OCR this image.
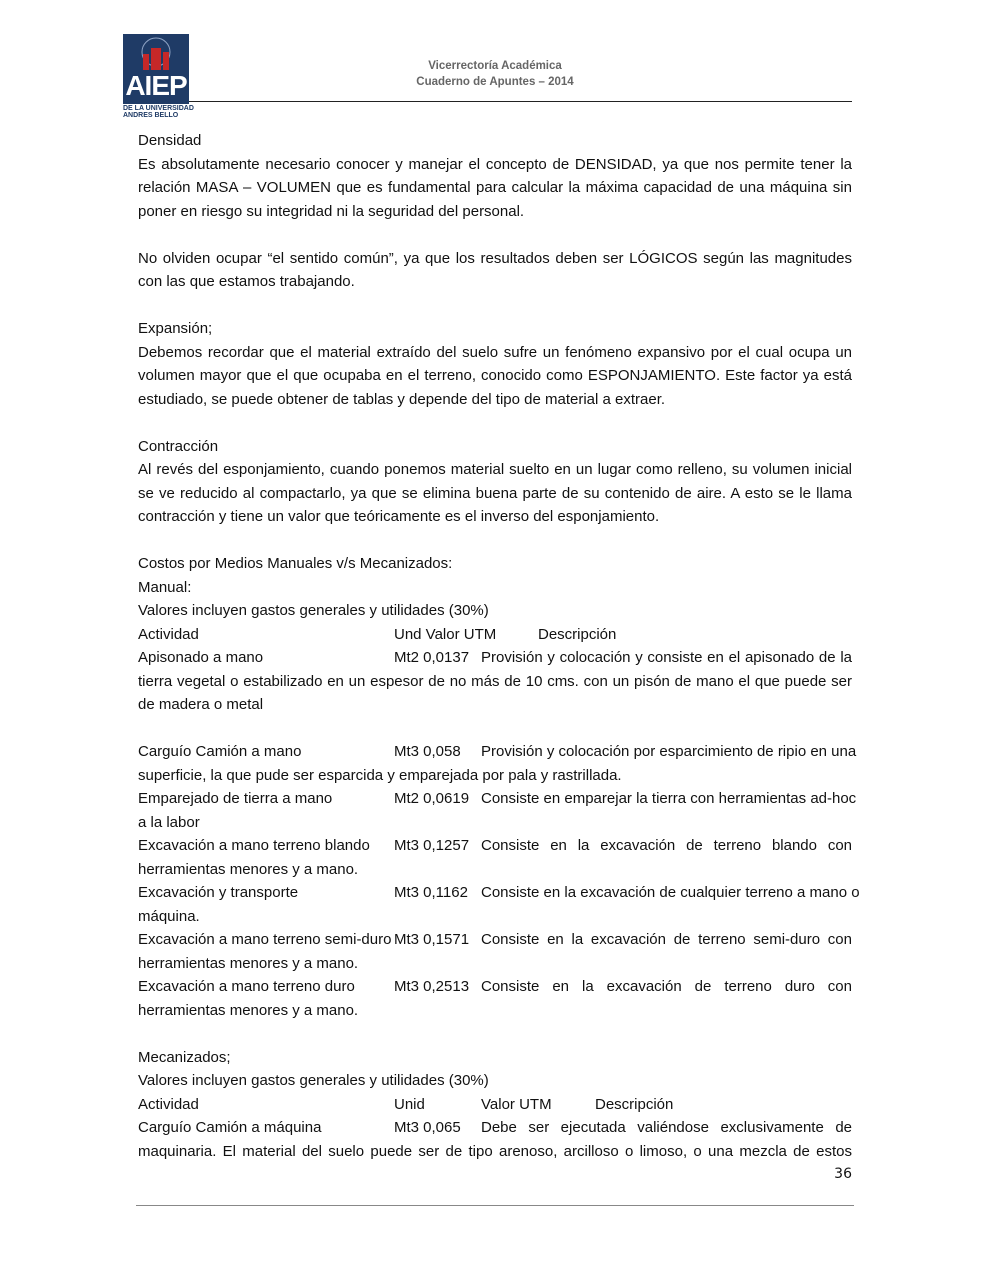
AIEP
DE LA UNIVERSIDAD
ANDRES BELLO
Vicerrectoría Académica
Cuaderno de Apuntes – 2014

Densidad

Es absolutamente necesario conocer y manejar el concepto de DENSIDAD, ya que nos permite tener la relación MASA – VOLUMEN que es fundamental para calcular la máxima capacidad de una máquina sin poner en riesgo su integridad ni la seguridad del personal.

No olviden ocupar “el sentido común”, ya que los resultados deben ser LÓGICOS según las magnitudes con las que estamos trabajando.

Expansión;

Debemos recordar que el material extraído del suelo sufre un fenómeno expansivo por el cual ocupa un volumen mayor que el que ocupaba en el terreno, conocido como ESPONJAMIENTO. Este factor ya está estudiado, se puede obtener de tablas y depende del tipo de material a extraer.

Contracción

Al revés del esponjamiento, cuando ponemos material suelto en un lugar como relleno, su volumen inicial se ve reducido al compactarlo, ya que se elimina buena parte de su contenido de aire. A esto se le llama contracción y tiene un valor que teóricamente es el inverso del esponjamiento.

Costos por Medios Manuales v/s Mecanizados:

Manual:

Valores incluyen gastos generales y utilidades (30%)

Actividad	Und Valor UTM	Descripción
Apisonado a mano	Mt2 0,0137 Provisión y colocación y consiste en el apisonado de la

tierra vegetal o estabilizado en un espesor de no más de 10 cms. con un pisón de mano el que puede ser de madera o metal

Carguío Camión a mano	Mt3 0,058 Provisión y colocación por esparcimiento de ripio en una

superficie, la que pude ser esparcida y emparejada por pala y rastrillada.

Emparejado de tierra a mano	Mt2 0,0619 Consiste en emparejar la tierra con herramientas ad-hoc

a la labor

Excavación a mano terreno blando Mt3 0,1257 Consiste en la excavación de terreno blando con

herramientas menores y a mano.

Excavación y transporte	Mt3 0,1162 Consiste en la excavación de cualquier terreno a mano o

máquina.

Excavación a mano terreno semi-duro Mt3 0,1571 Consiste en la excavación de terreno semi-duro con

herramientas menores y a mano.

Excavación a mano terreno duro	Mt3 0,2513 Consiste en la excavación de terreno duro con

herramientas menores y a mano.

Mecanizados;

Valores incluyen gastos generales y utilidades (30%)

Actividad	Unid	Valor UTM	Descripción
Carguío Camión a máquina	Mt3 0,065 Debe ser ejecutada valiéndose exclusivamente de

maquinaria. El material del suelo puede ser de tipo arenoso, arcilloso o limoso, o una mezcla de estos

36
